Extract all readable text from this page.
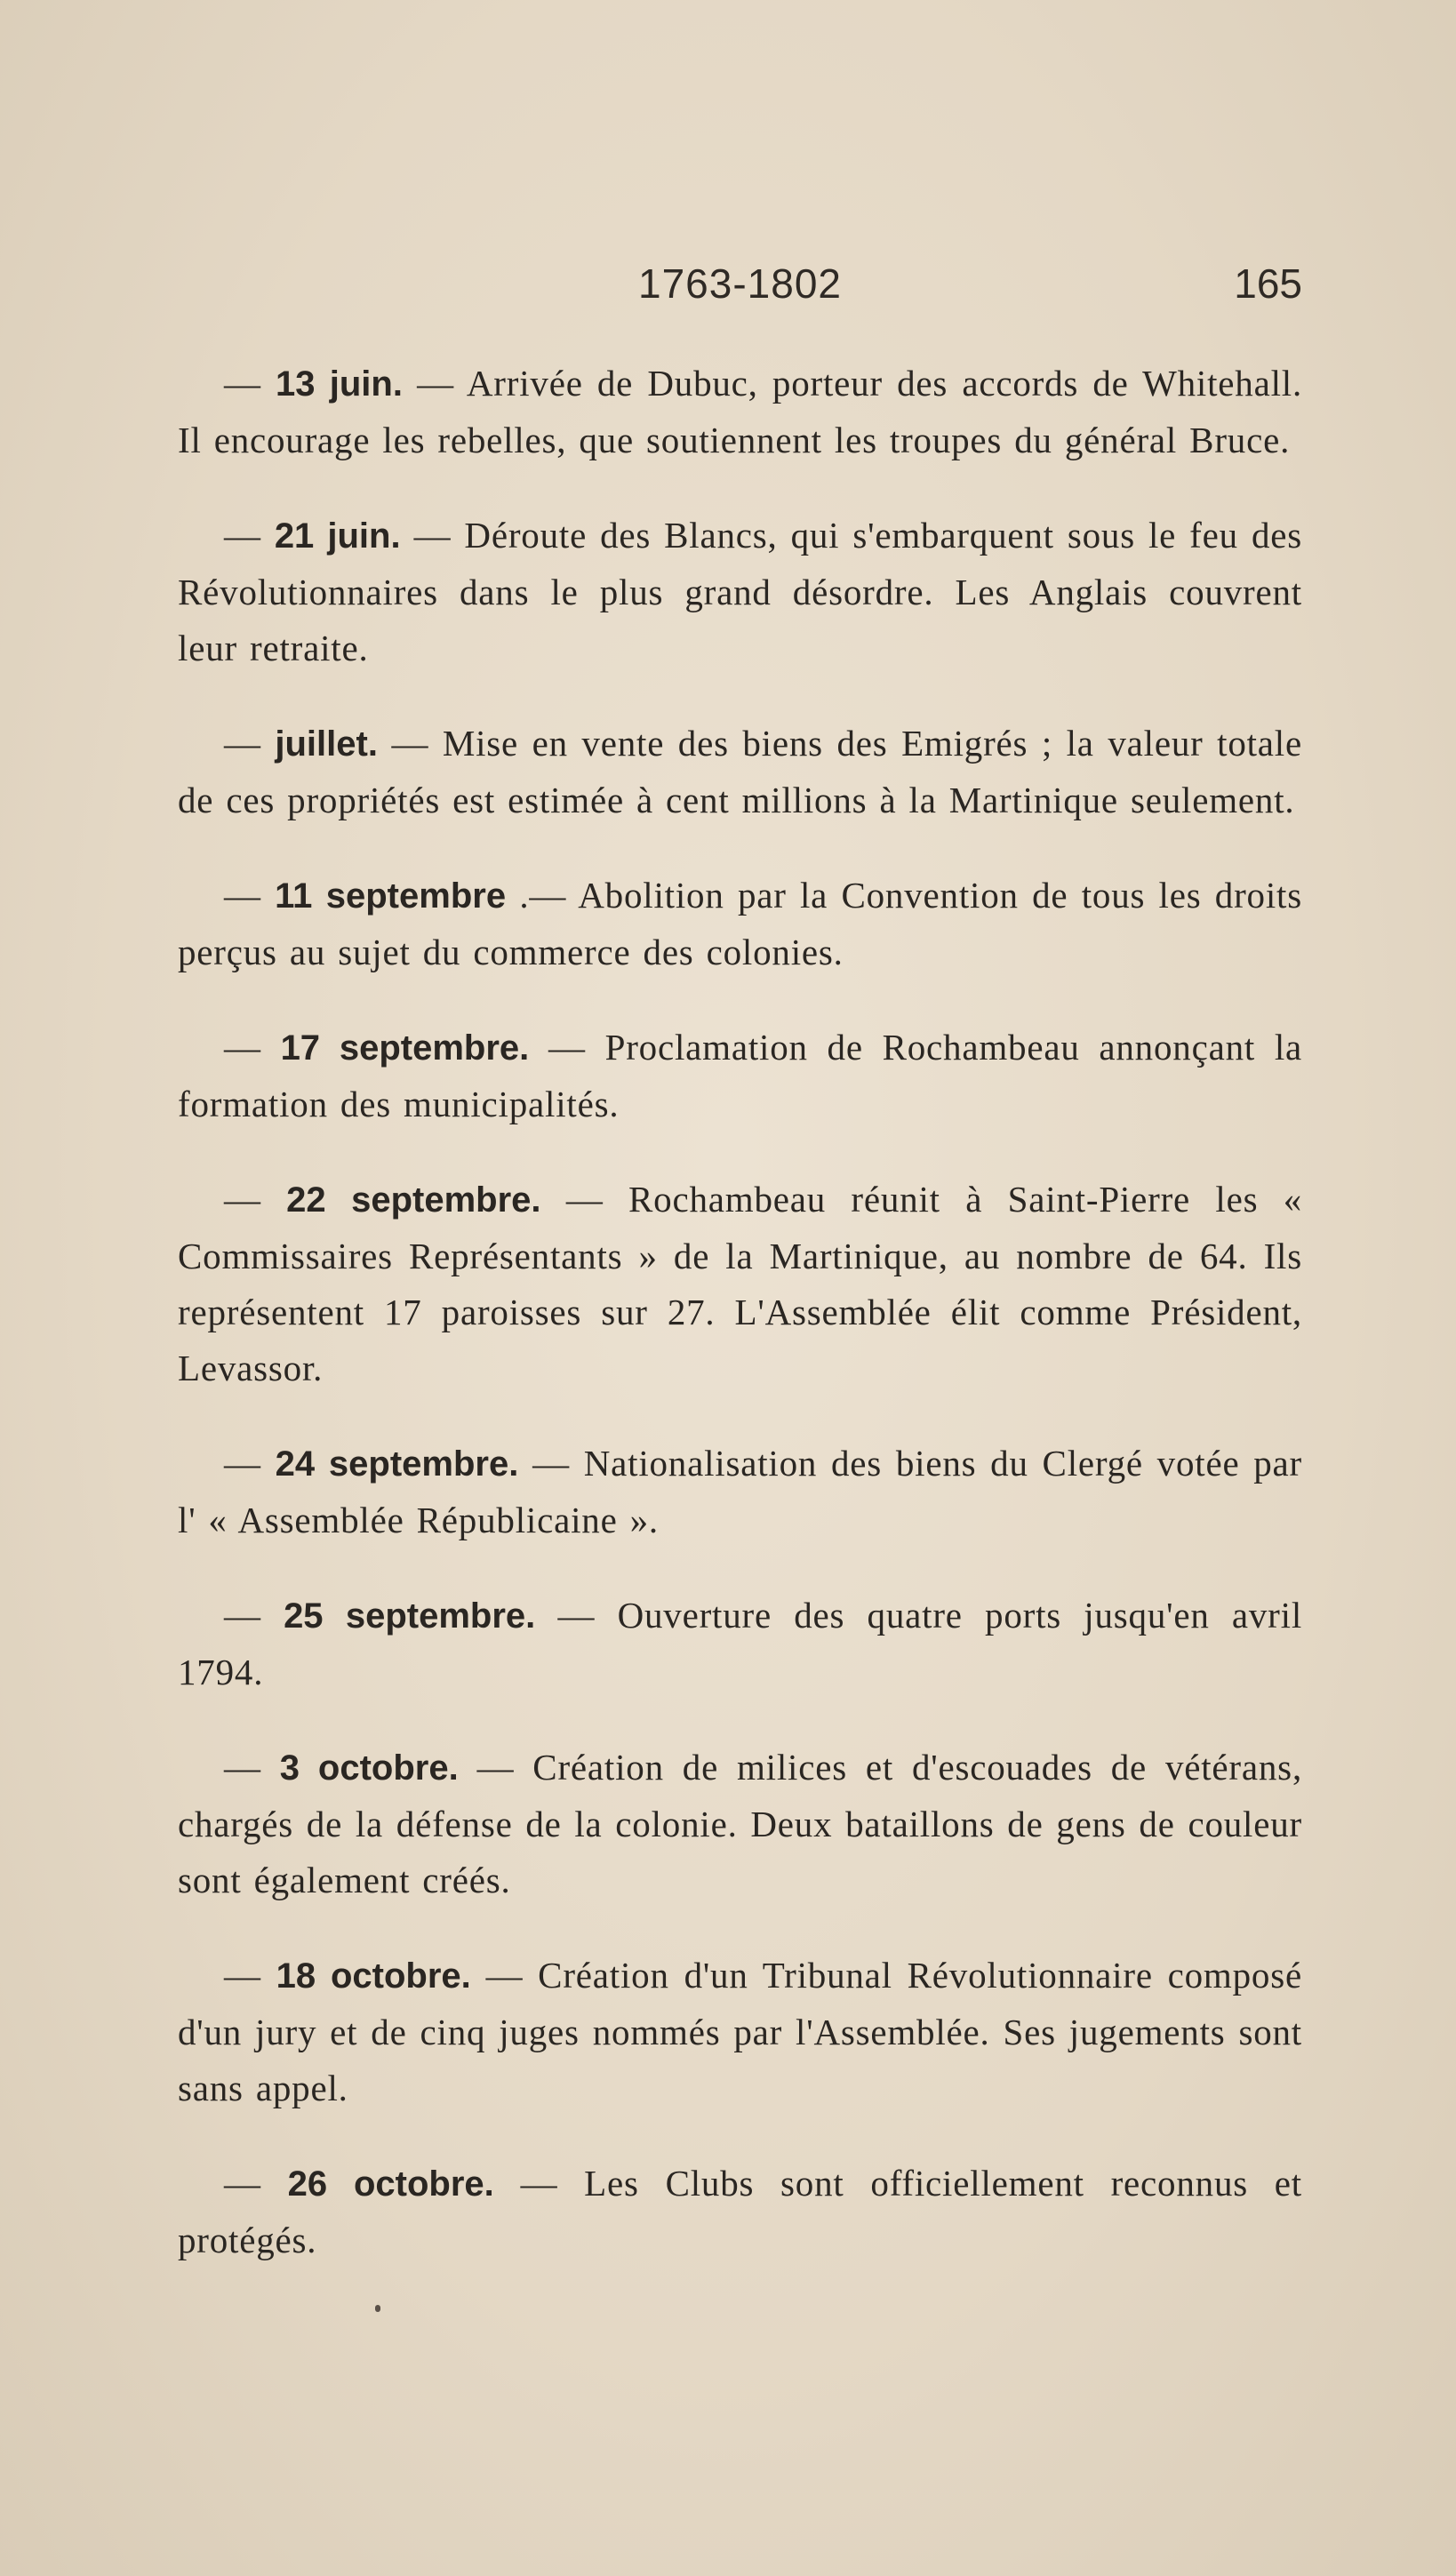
1763-1802	165

— 13 juin. — Arrivée de Dubuc, porteur des accords de Whitehall. Il encourage les rebelles, que soutiennent les troupes du général Bruce.

— 21 juin. — Déroute des Blancs, qui s'embarquent sous le feu des Révolutionnaires dans le plus grand désordre. Les Anglais couvrent leur retraite.

— juillet. — Mise en vente des biens des Emigrés ; la valeur totale de ces propriétés est estimée à cent millions à la Martinique seulement.

— 11 septembre .— Abolition par la Convention de tous les droits perçus au sujet du commerce des colonies.

— 17 septembre. — Proclamation de Rochambeau annonçant la formation des municipalités.

— 22 septembre. — Rochambeau réunit à Saint-Pierre les « Commissaires Représentants » de la Martinique, au nombre de 64. Ils représentent 17 paroisses sur 27. L'Assemblée élit comme Président, Levassor.

— 24 septembre. — Nationalisation des biens du Clergé votée par l' « Assemblée Républicaine ».

— 25 septembre. — Ouverture des quatre ports jusqu'en avril 1794.

— 3 octobre. — Création de milices et d'escouades de vétérans, chargés de la défense de la colonie. Deux bataillons de gens de couleur sont également créés.

— 18 octobre. — Création d'un Tribunal Révolutionnaire composé d'un jury et de cinq juges nommés par l'Assemblée. Ses jugements sont sans appel.

— 26 octobre. — Les Clubs sont officiellement reconnus et protégés.
